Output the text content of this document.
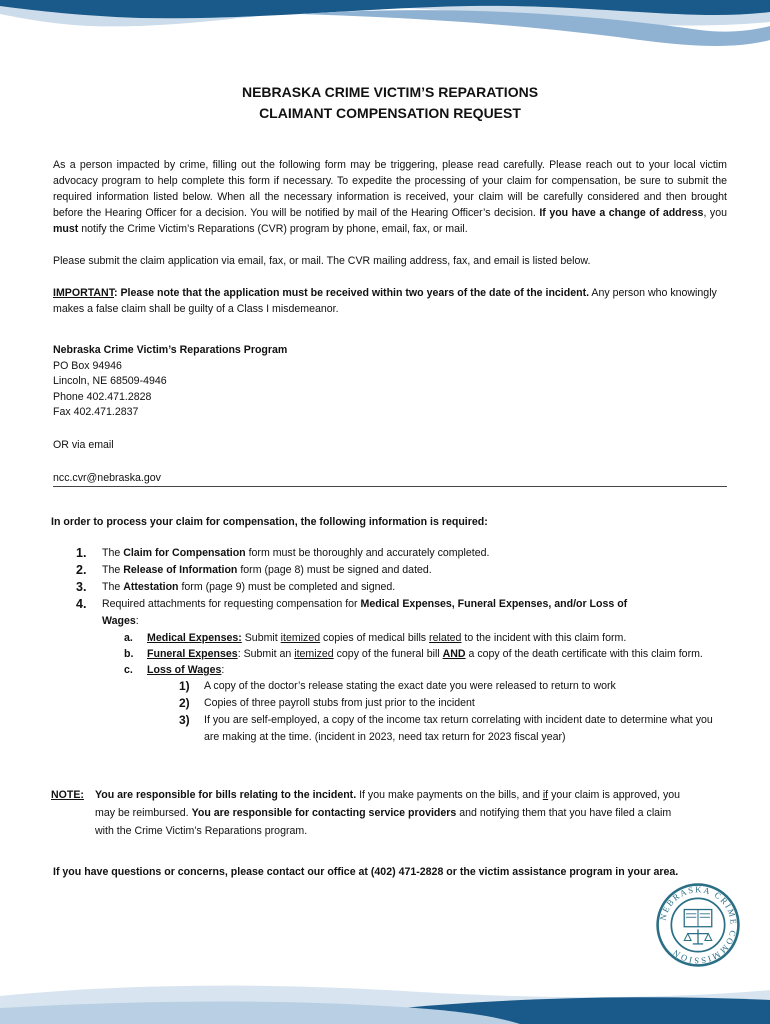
NEBRASKA CRIME VICTIM’S REPARATIONS
CLAIMANT COMPENSATION REQUEST

As a person impacted by crime, filling out the following form may be triggering, please read carefully. Please reach out to your local victim advocacy program to help complete this form if necessary. To expedite the processing of your claim for compensation, be sure to submit the required information listed below. When all the necessary information is received, your claim will be carefully considered and then brought before the Hearing Officer for a decision. You will be notified by mail of the Hearing Officer’s decision. If you have a change of address, you must notify the Crime Victim’s Reparations (CVR) program by phone, email, fax, or mail.

Please submit the claim application via email, fax, or mail. The CVR mailing address, fax, and email is listed below.

IMPORTANT: Please note that the application must be received within two years of the date of the incident. Any person who knowingly makes a false claim shall be guilty of a Class I misdemeanor.

Nebraska Crime Victim’s Reparations Program
PO Box 94946
Lincoln, NE 68509-4946
Phone 402.471.2828
Fax 402.471.2837

OR via email

ncc.cvr@nebraska.gov

In order to process your claim for compensation, the following information is required:

1.	The Claim for Compensation form must be thoroughly and accurately completed.
2.	The Release of Information form (page 8) must be signed and dated.
3.	The Attestation form (page 9) must be completed and signed.
4.	Required attachments for requesting compensation for Medical Expenses, Funeral Expenses, and/or Loss of
Wages:
a. Medical Expenses: Submit itemized copies of medical bills related to the incident with this claim form.
b. Funeral Expenses: Submit an itemized copy of the funeral bill AND a copy of the death certificate with this claim form.
c. Loss of Wages:
1) A copy of the doctor’s release stating the exact date you were released to return to work
2) Copies of three payroll stubs from just prior to the incident
3) If you are self-employed, a copy of the income tax return correlating with incident date to determine what you are making at the time. (incident in 2023, need tax return for 2023 fiscal year)
NOTE: You are responsible for bills relating to the incident. If you make payments on the bills, and if your claim is approved, you may be reimbursed. You are responsible for contacting service providers and notifying them that you have filed a claim with the Crime Victim’s Reparations program.

If you have questions or concerns, please contact our office at (402) 471-2828 or the victim assistance program in your area.

NEBRASKA CRIME COMMISSION
